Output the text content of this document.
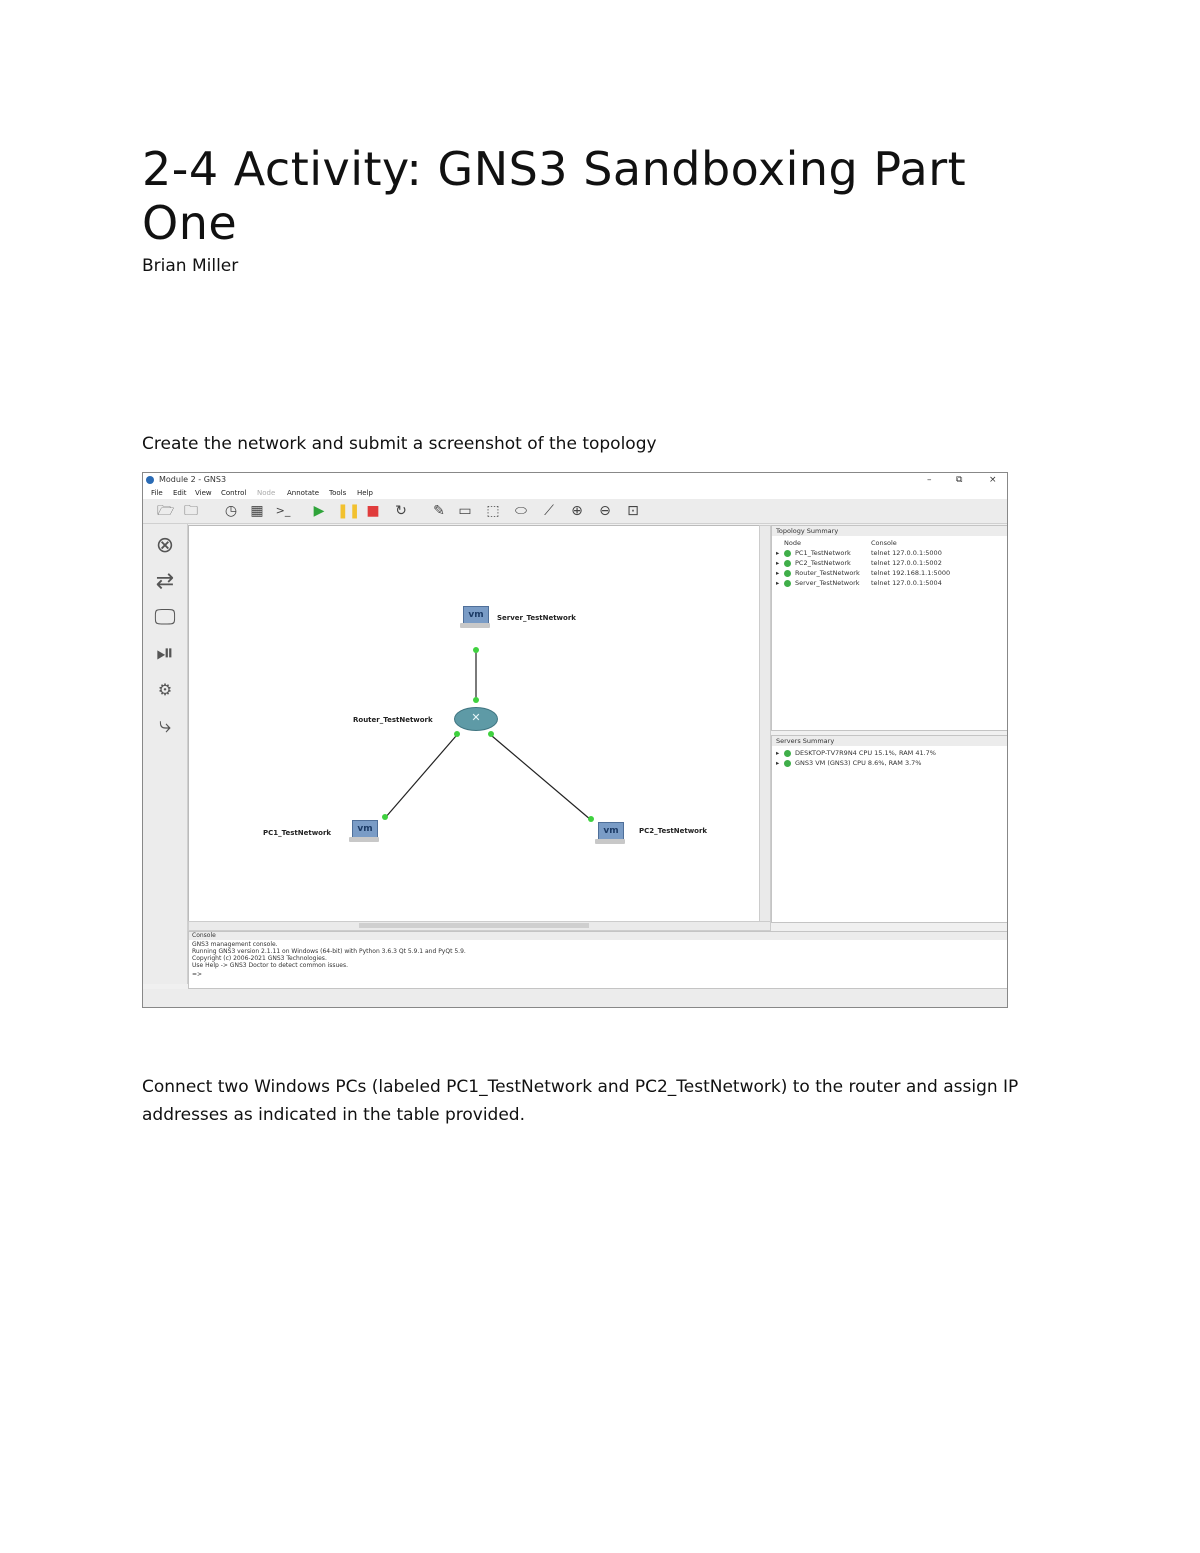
2-4 Activity: GNS3 Sandboxing Part One
Brian Miller
Create the network and submit a screenshot of the topology
Module 2 - GNS3	–	⧉	×
File Edit View Control Node Annotate Tools Help
🗁 🗀 ◷ ▦ >_ ▶ ❚❚ ■ ↻ ✎ ▭ ⬚ ⬭ ⟋ ⊕ ⊖ ⊡
⊗
⇄
🖵
⏯
⚙
⤷
vm	Server_TestNetwork
✕
Router_TestNetwork
vm
PC1_TestNetwork	vm	PC2_TestNetwork
Topology Summary
Node	Console
▸ PC1_TestNetwork	telnet 127.0.0.1:5000
▸ PC2_TestNetwork	telnet 127.0.0.1:5002
▸ Router_TestNetwork telnet 192.168.1.1:5000
▸ Server_TestNetwork telnet 127.0.0.1:5004
Servers Summary
▸ DESKTOP-TV7R9N4 CPU 15.1%, RAM 41.7%
▸ GNS3 VM (GNS3) CPU 8.6%, RAM 3.7%
Console
GNS3 management console.
Running GNS3 version 2.1.11 on Windows (64-bit) with Python 3.6.3 Qt 5.9.1 and PyQt 5.9.
Copyright (c) 2006-2021 GNS3 Technologies.
Use Help -> GNS3 Doctor to detect common issues.
=>
Connect two Windows PCs (labeled PC1_TestNetwork and PC2_TestNetwork) to the router and assign IP addresses as indicated in the table provided.
